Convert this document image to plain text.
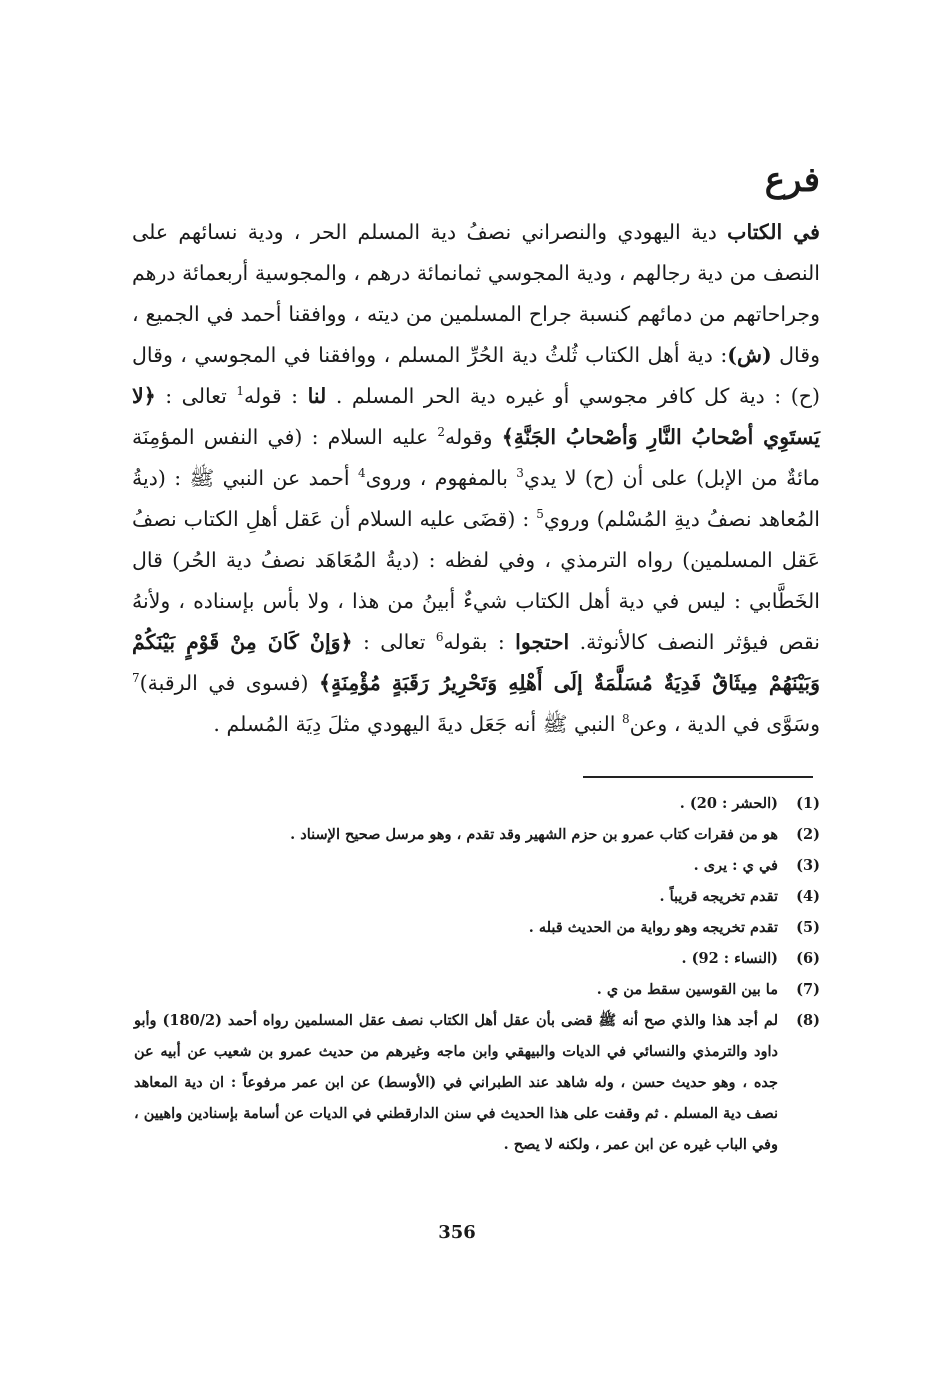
فرع
في الكتاب دية اليهودي والنصراني نصفُ دية المسلم الحر ، ودية نسائهم على النصف من دية رجالهم ، ودية المجوسي ثمانمائة درهم ، والمجوسية أربعمائة درهم وجراحاتهم من دمائهم كنسبة جراح المسلمين من ديته ، ووافقنا أحمد في الجميع ، وقال (ش): دية أهل الكتاب ثُلثُ دية الحُرِّ المسلم ، ووافقنا في المجوسي ، وقال (ح) : دية كل كافر مجوسي أو غيره دية الحر المسلم . لنا : قوله$^1$ تعالى : ﴿لا يَستَوِي أصْحابُ النَّارِ وَأصْحابُ الجَنَّةِ﴾ وقوله$^2$ عليه السلام : (في النفس المؤمِنَة مائةٌ من الإبل) على أن (ح) لا يدي$^3$ بالمفهوم ، وروى$^4$ أحمد عن النبي ﷺ : (ديةُ المُعاهد نصفُ ديةِ المُسْلم) وروي$^5$ : (قضَى عليه السلام أن عَقل أهلِ الكتاب نصفُ عَقل المسلمين) رواه الترمذي ، وفي لفظه : (ديةُ المُعَاهَد نصفُ دية الحُر) قال الخَطَّابي : ليس في دية أهل الكتاب شيءٌ أبينُ من هذا ، ولا بأس بإسناده ، ولأنهُ نقص فيؤثر النصف كالأنوثة. احتجوا : بقوله$^6$ تعالى : ﴿وَإنْ كَانَ مِنْ قَوْمٍ بَيْنَكُمْ وَبَيْنَهُمْ مِيثَاقٌ فَدِيَةٌ مُسَلَّمَةٌ إلَى أَهْلِهِ وَتَحْرِيرُ رَقَبَةٍ مُؤْمِنَةٍ﴾ (فسوى في الرقبة)$^7$ وسَوَّى في الدية ، وعن$^8$ النبي ﷺ أنه جَعَل ديةَ اليهودي مثلَ دِيَة المُسلم .
(1)
(الحشر : 20) .
(2)
هو من فقرات كتاب عمرو بن حزم الشهير وقد تقدم ، وهو مرسل صحيح الإسناد .
(3)
في ي : يرى .
(4)
تقدم تخريجه قريباً .
(5)
تقدم تخريجه وهو رواية من الحديث قبله .
(6)
(النساء : 92) .
(7)
ما بين القوسين سقط من ي .
(8)
لم أجد هذا والذي صح أنه ﷺ قضى بأن عقل أهل الكتاب نصف عقل المسلمين رواه أحمد (180/2) وأبو داود والترمذي والنسائي في الديات والبيهقي وابن ماجه وغيرهم من حديث عمرو بن شعيب عن أبيه عن جده ، وهو حديث حسن ، وله شاهد عند الطبراني في (الأوسط) عن ابن عمر مرفوعاً : ان دية المعاهد نصف دية المسلم . ثم وقفت على هذا الحديث في سنن الدارقطني في الديات عن أسامة بإسنادين واهيين ، وفي الباب غيره عن ابن عمر ، ولكنه لا يصح .
356
